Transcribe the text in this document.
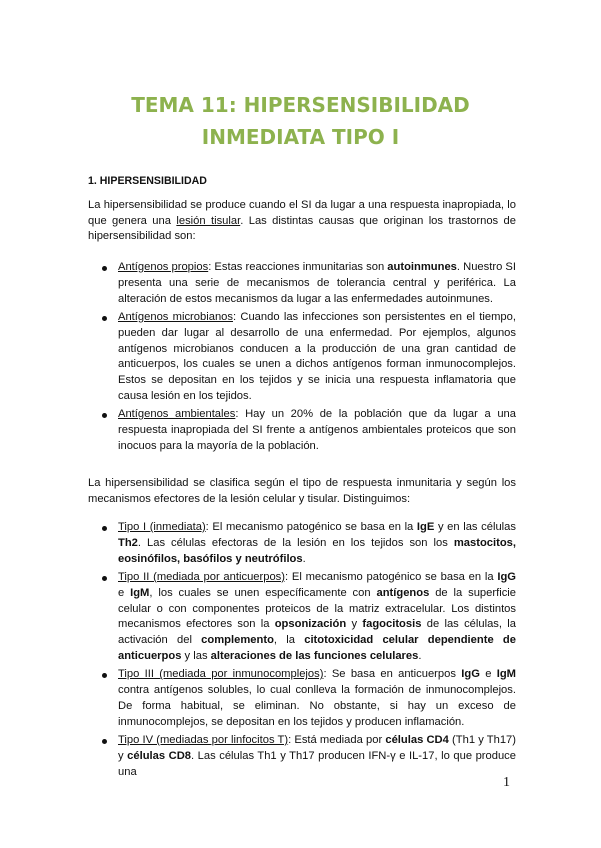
TEMA 11: HIPERSENSIBILIDAD
INMEDIATA TIPO I
1. HIPERSENSIBILIDAD

La hipersensibilidad se produce cuando el SI da lugar a una respuesta inapropiada, lo que genera una lesión tisular. Las distintas causas que originan los trastornos de hipersensibilidad son:

Antígenos propios: Estas reacciones inmunitarias son autoinmunes. Nuestro SI presenta una serie de mecanismos de tolerancia central y periférica. La alteración de estos mecanismos da lugar a las enfermedades autoinmunes.
Antígenos microbianos: Cuando las infecciones son persistentes en el tiempo, pueden dar lugar al desarrollo de una enfermedad. Por ejemplos, algunos antígenos microbianos conducen a la producción de una gran cantidad de anticuerpos, los cuales se unen a dichos antígenos forman inmunocomplejos. Estos se depositan en los tejidos y se inicia una respuesta inflamatoria que causa lesión en los tejidos.
Antígenos ambientales: Hay un 20% de la población que da lugar a una respuesta inapropiada del SI frente a antígenos ambientales proteicos que son inocuos para la mayoría de la población.

La hipersensibilidad se clasifica según el tipo de respuesta inmunitaria y según los mecanismos efectores de la lesión celular y tisular. Distinguimos:

Tipo I (inmediata): El mecanismo patogénico se basa en la IgE y en las células Th2. Las células efectoras de la lesión en los tejidos son los mastocitos, eosinófilos, basófilos y neutrófilos.
Tipo II (mediada por anticuerpos): El mecanismo patogénico se basa en la IgG e IgM, los cuales se unen específicamente con antígenos de la superficie celular o con componentes proteicos de la matriz extracelular. Los distintos mecanismos efectores son la opsonización y fagocitosis de las células, la activación del complemento, la citotoxicidad celular dependiente de anticuerpos y las alteraciones de las funciones celulares.
Tipo III (mediada por inmunocomplejos): Se basa en anticuerpos IgG e IgM contra antígenos solubles, lo cual conlleva la formación de inmunocomplejos. De forma habitual, se eliminan. No obstante, si hay un exceso de inmunocomplejos, se depositan en los tejidos y producen inflamación.
Tipo IV (mediadas por linfocitos T): Está mediada por células CD4 (Th1 y Th17) y células CD8. Las células Th1 y Th17 producen IFN-γ e IL-17, lo que produce una
1
